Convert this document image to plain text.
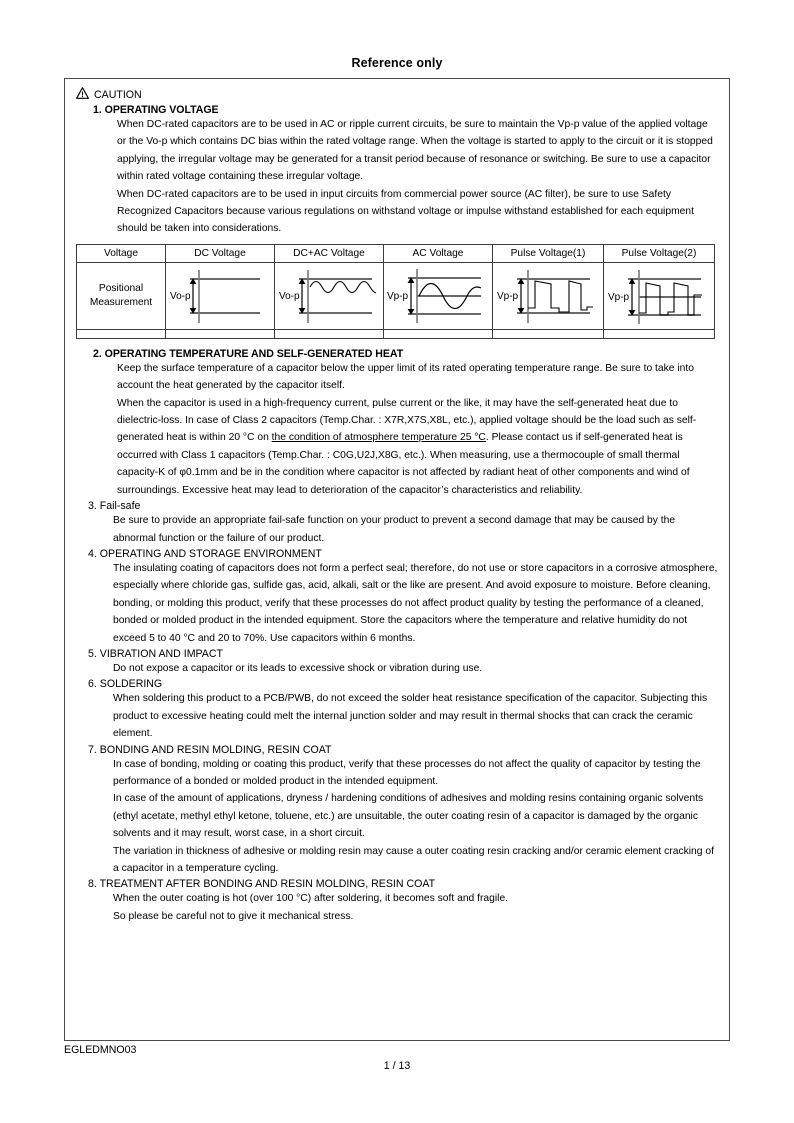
Reference only
CAUTION
1. OPERATING VOLTAGE

When DC-rated capacitors are to be used in AC or ripple current circuits, be sure to maintain the Vp-p value of the applied voltage or the Vo-p which contains DC bias within the rated voltage range. When the voltage is started to apply to the circuit or it is stopped applying, the irregular voltage may be generated for a transit period because of resonance or switching. Be sure to use a capacitor within rated voltage containing these irregular voltage.

When DC-rated capacitors are to be used in input circuits from commercial power source (AC filter), be sure to use Safety Recognized Capacitors because various regulations on withstand voltage or impulse withstand established for each equipment should be taken into considerations.

Voltage	DC Voltage	DC+AC Voltage	AC Voltage	Pulse Voltage(1)	Pulse Voltage(2)

Positional
Measurement	Vo-p	Vo-p	Vp-p	Vp-p	Vp-p

2. OPERATING TEMPERATURE AND SELF-GENERATED HEAT

Keep the surface temperature of a capacitor below the upper limit of its rated operating temperature range. Be sure to take into account the heat generated by the capacitor itself.

When the capacitor is used in a high-frequency current, pulse current or the like, it may have the self-generated heat due to dielectric-loss. In case of Class 2 capacitors (Temp.Char. : X7R,X7S,X8L, etc.), applied voltage should be the load such as self-generated heat is within 20 °C on the condition of atmosphere temperature 25 °C. Please contact us if self-generated heat is occurred with Class 1 capacitors (Temp.Char. : C0G,U2J,X8G, etc.). When measuring, use a thermocouple of small thermal capacity-K of φ0.1mm and be in the condition where capacitor is not affected by radiant heat of other components and wind of surroundings. Excessive heat may lead to deterioration of the capacitor’s characteristics and reliability.

3. Fail-safe

Be sure to provide an appropriate fail-safe function on your product to prevent a second damage that may be caused by the abnormal function or the failure of our product.

4. OPERATING AND STORAGE ENVIRONMENT

The insulating coating of capacitors does not form a perfect seal; therefore, do not use or store capacitors in a corrosive atmosphere, especially where chloride gas, sulfide gas, acid, alkali, salt or the like are present. And avoid exposure to moisture. Before cleaning, bonding, or molding this product, verify that these processes do not affect product quality by testing the performance of a cleaned, bonded or molded product in the intended equipment. Store the capacitors where the temperature and relative humidity do not exceed 5 to 40 °C and 20 to 70%. Use capacitors within 6 months.

5. VIBRATION AND IMPACT

Do not expose a capacitor or its leads to excessive shock or vibration during use.

6. SOLDERING

When soldering this product to a PCB/PWB, do not exceed the solder heat resistance specification of the capacitor. Subjecting this product to excessive heating could melt the internal junction solder and may result in thermal shocks that can crack the ceramic element.

7. BONDING AND RESIN MOLDING, RESIN COAT

In case of bonding, molding or coating this product, verify that these processes do not affect the quality of capacitor by testing the performance of a bonded or molded product in the intended equipment.

In case of the amount of applications, dryness / hardening conditions of adhesives and molding resins containing organic solvents (ethyl acetate, methyl ethyl ketone, toluene, etc.) are unsuitable, the outer coating resin of a capacitor is damaged by the organic solvents and it may result, worst case, in a short circuit.

The variation in thickness of adhesive or molding resin may cause a outer coating resin cracking and/or ceramic element cracking of a capacitor in a temperature cycling.

8. TREATMENT AFTER BONDING AND RESIN MOLDING, RESIN COAT

When the outer coating is hot (over 100 °C) after soldering, it becomes soft and fragile.

So please be careful not to give it mechanical stress.

EGLEDMNO03
1 / 13
